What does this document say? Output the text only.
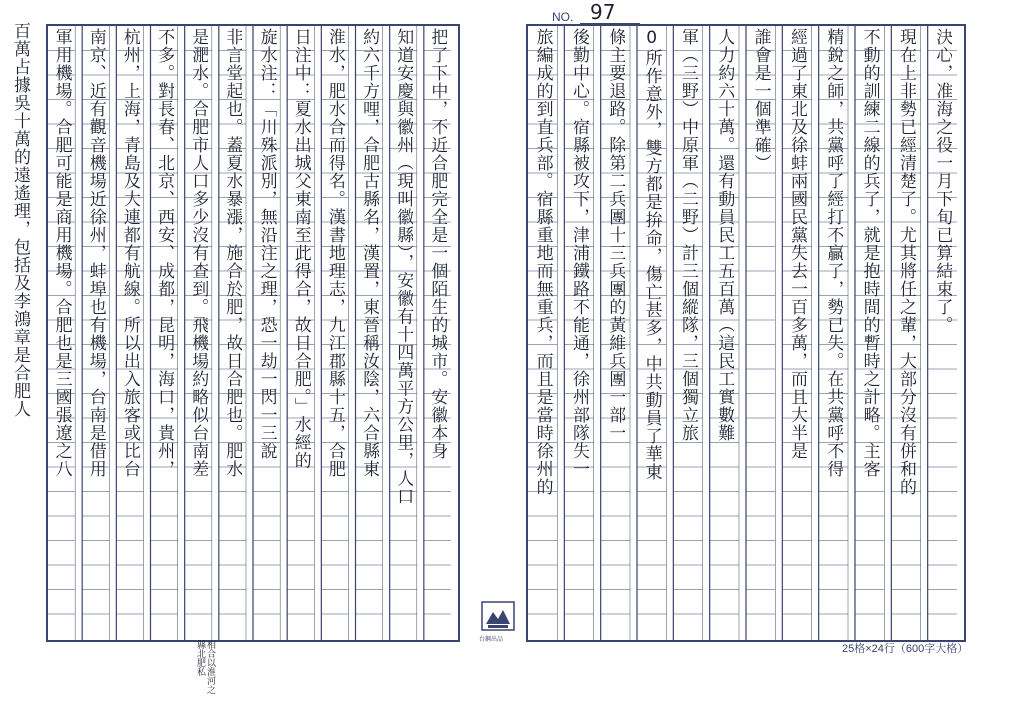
NO. 97
百萬占據吳十萬的遠遙理，包括及李鴻章是合肥人
台鋼出品
25格×24行（600字大格）
相合以淮河之縣北肥私
軍用機場。合肥可能是商用機場。合肥也是三國張遼之八 南京、近有觀音機場近徐州，蚌埠也有機場，台南是借用 杭州，上海，青島及大連都有航線。所以出入旅客或比台 不多。對長春、北京、西安、成都，昆明，海口，貴州， 是淝水。合肥市人口多少沒有查到。飛機場約略似台南差 非言堂起也。蓋夏水暴漲，施合於肥，故日合肥也。肥水 旋水注：「川殊派別，無沿注之理，恐一劫一閃一三說 日注中：夏水出城父東南至此得合，故日合肥。」水經的 淮水，肥水合而得名。漢書地理志，九江郡縣十五，合肥 約六千方哩，合肥古縣名，漢置，東晉稱汝陰，六合縣東 知道安慶與徽州（現叫徽縣），安徽有十四萬平方公里，人口 把了下中，不近合肥完全是一個陌生的城市。安徽本身	旅編成的到直兵部。宿縣重地而無重兵，而且是當時徐州的 後勤中心。宿縣被攻下，津浦鐵路不能通，徐州部隊失一 條主要退路。除第二兵團十三兵團的黃維兵團一部一 0所作意外，雙方都是拚命，傷亡甚多，中共動員了華東 軍（三野）中原軍（二野）計三個縱隊，三個獨立旅 人力約六十萬。還有動員民工五百萬（這民工實數難 誰會是一個準確） 經過了東北及徐蚌兩國民黨失去一百多萬，而且大半是 精銳之師，共黨呼了經打不贏了，勢已失。在共黨呼不得 不動的訓練二線的兵了，就是抱時間的暫時之計略。主客 現在上非勢已經清楚了。尤其將任之輩，大部分沒有併和的 決心，准海之役一月下旬已算結束了。
